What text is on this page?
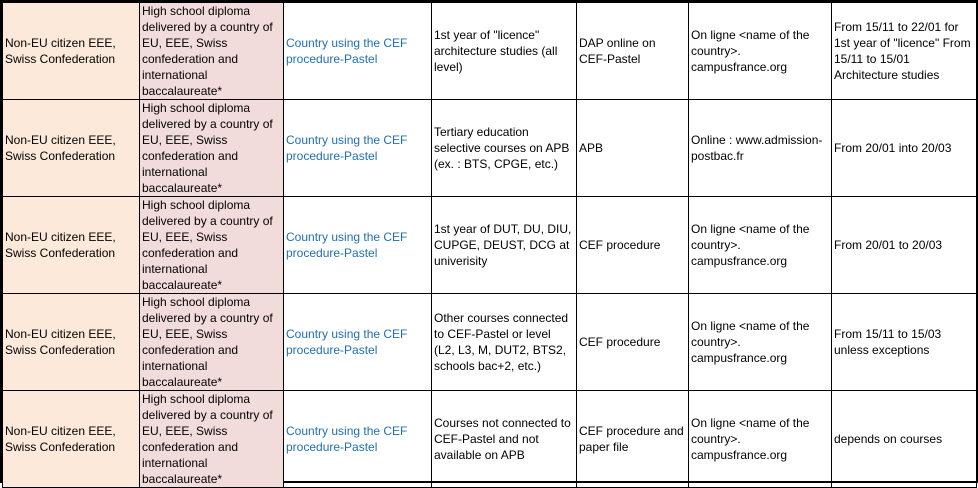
Non-EU citizen EEE, Swiss Confederation	High school diploma delivered by a country of EU, EEE, Swiss confederation and international baccalaureate*	Country using the CEF procedure-Pastel	1st year of "licence" architecture studies (all level)	DAP online on CEF-Pastel	On ligne <name of the country>. campusfrance.org	From 15/11 to 22/01 for 1st year of "licence" From 15/11 to 15/01 Architecture studies
Non-EU citizen EEE, Swiss Confederation	High school diploma delivered by a country of EU, EEE, Swiss confederation and international baccalaureate*	Country using the CEF procedure-Pastel	Tertiary education selective courses on APB (ex. : BTS, CPGE, etc.)	APB	Online : www.admission-postbac.fr	From 20/01 into 20/03
Non-EU citizen EEE, Swiss Confederation	High school diploma delivered by a country of EU, EEE, Swiss confederation and international baccalaureate*	Country using the CEF procedure-Pastel	1st year of DUT, DU, DIU, CUPGE, DEUST, DCG at univerisity	CEF procedure	On ligne <name of the country>. campusfrance.org	From 20/01 to 20/03
Non-EU citizen EEE, Swiss Confederation	High school diploma delivered by a country of EU, EEE, Swiss confederation and international baccalaureate*	Country using the CEF procedure-Pastel	Other courses connected to CEF-Pastel or level (L2, L3, M, DUT2, BTS2, schools bac+2, etc.)	CEF procedure	On ligne <name of the country>. campusfrance.org	From 15/11 to 15/03 unless exceptions
Non-EU citizen EEE, Swiss Confederation	High school diploma delivered by a country of EU, EEE, Swiss confederation and international baccalaureate*	Country using the CEF procedure-Pastel	Courses not connected to CEF-Pastel and not available on APB	CEF procedure and paper file	On ligne <name of the country>. campusfrance.org	depends on courses
